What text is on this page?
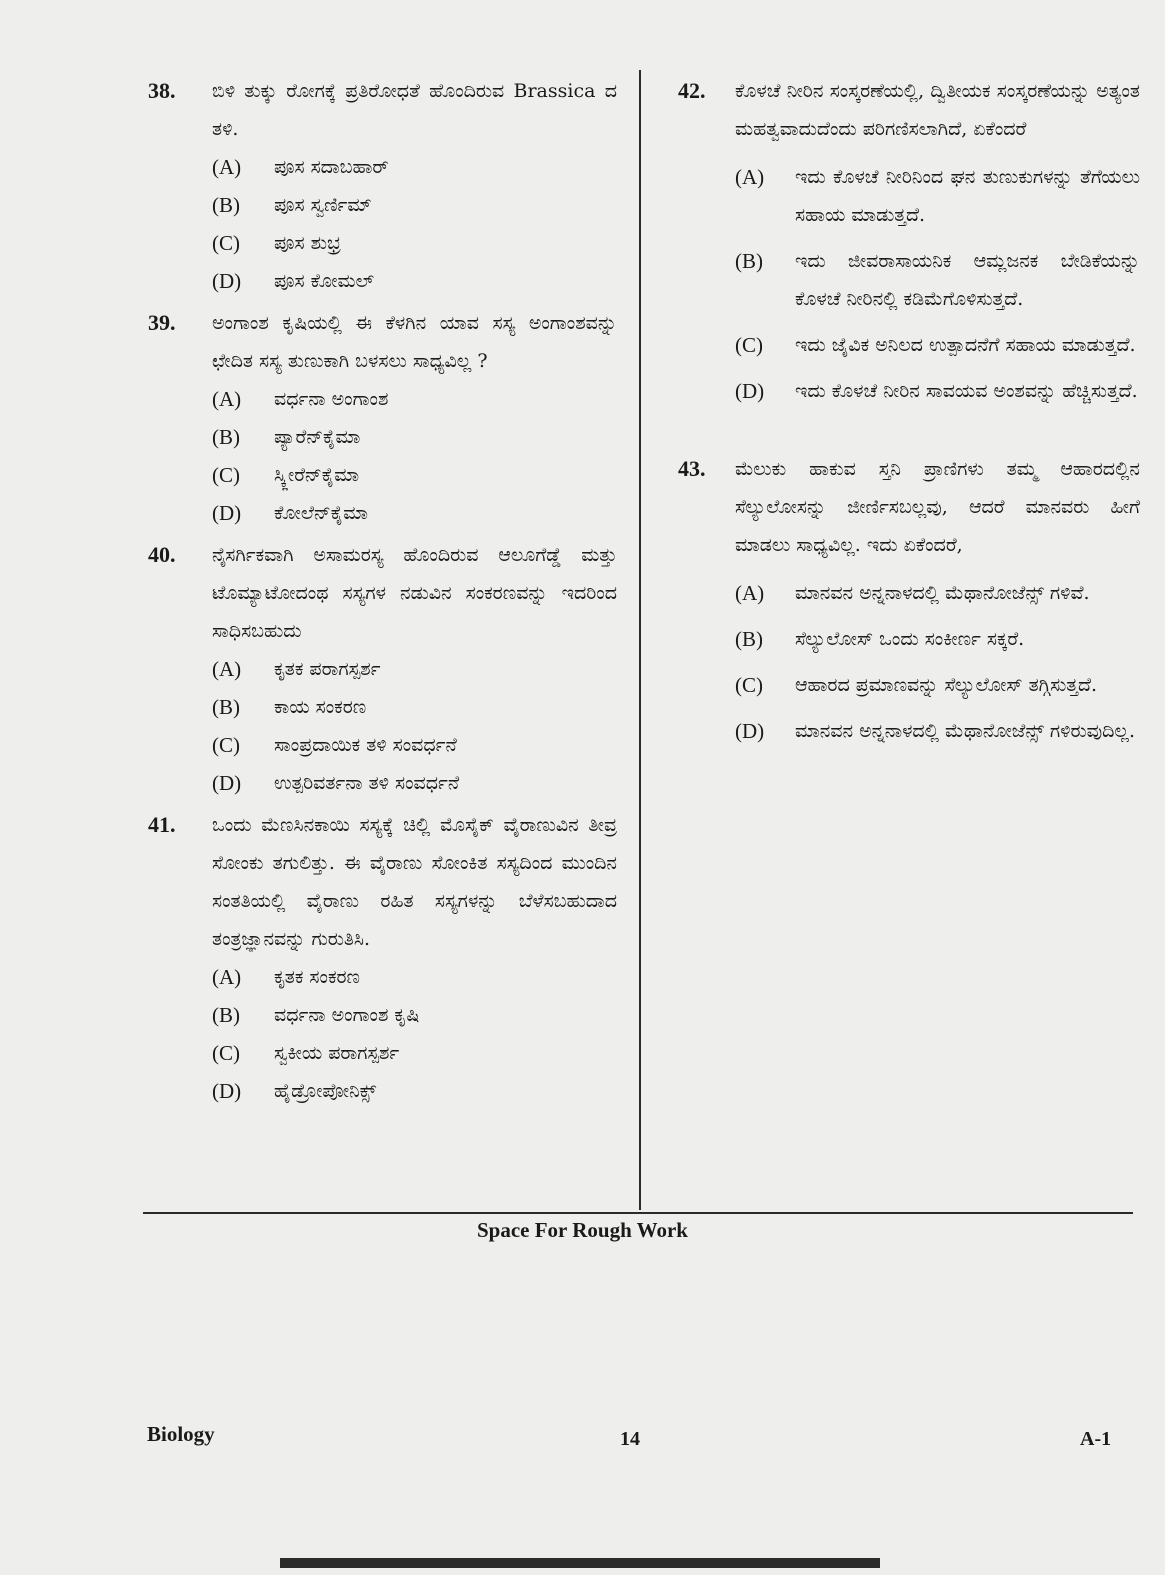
38. ಬಿಳಿ ತುಕ್ಕು ರೋಗಕ್ಕೆ ಪ್ರತಿರೋಧತೆ ಹೊಂದಿರುವ Brassica ದ ತಳಿ.
(A) ಪೂಸ ಸದಾಬಹಾರ್
(B) ಪೂಸ ಸ್ವರ್ಣಿಮ್
(C) ಪೂಸ ಶುಭ್ರ
(D) ಪೂಸ ಕೋಮಲ್
39. ಅಂಗಾಂಶ ಕೃಷಿಯಲ್ಲಿ ಈ ಕೆಳಗಿನ ಯಾವ ಸಸ್ಯ ಅಂಗಾಂಶವನ್ನು ಛೇದಿತ ಸಸ್ಯ ತುಣುಕಾಗಿ ಬಳಸಲು ಸಾಧ್ಯವಿಲ್ಲ ?
(A) ವರ್ಧನಾ ಅಂಗಾಂಶ
(B) ಪ್ಯಾರೆನ್‌ಕೈಮಾ
(C) ಸ್ಕ್ಲೀರೆನ್‌ಕೈಮಾ
(D) ಕೋಲೆನ್‌ಕೈಮಾ
40. ನೈಸರ್ಗಿಕವಾಗಿ ಅಸಾಮರಸ್ಯ ಹೊಂದಿರುವ ಆಲೂಗೆಡ್ಡೆ ಮತ್ತು ಟೊಮ್ಯಾಟೋದಂಥ ಸಸ್ಯಗಳ ನಡುವಿನ ಸಂಕರಣವನ್ನು ಇದರಿಂದ ಸಾಧಿಸಬಹುದು
(A) ಕೃತಕ ಪರಾಗಸ್ಪರ್ಶ
(B) ಕಾಯ ಸಂಕರಣ
(C) ಸಾಂಪ್ರದಾಯಿಕ ತಳಿ ಸಂವರ್ಧನೆ
(D) ಉತ್ಪರಿವರ್ತನಾ ತಳಿ ಸಂವರ್ಧನೆ
41. ಒಂದು ಮೆಣಸಿನಕಾಯಿ ಸಸ್ಯಕ್ಕೆ ಚಿಲ್ಲಿ ಮೊಸೈಕ್ ವೈರಾಣುವಿನ ತೀವ್ರ ಸೋಂಕು ತಗುಲಿತ್ತು. ಈ ವೈರಾಣು ಸೋಂಕಿತ ಸಸ್ಯದಿಂದ ಮುಂದಿನ ಸಂತತಿಯಲ್ಲಿ ವೈರಾಣು ರಹಿತ ಸಸ್ಯಗಳನ್ನು ಬೆಳೆಸಬಹುದಾದ ತಂತ್ರಜ್ಞಾನವನ್ನು ಗುರುತಿಸಿ.
(A) ಕೃತಕ ಸಂಕರಣ
(B) ವರ್ಧನಾ ಅಂಗಾಂಶ ಕೃಷಿ
(C) ಸ್ವಕೀಯ ಪರಾಗಸ್ಪರ್ಶ
(D) ಹೈಡ್ರೋಪೋನಿಕ್ಸ್
42. ಕೊಳಚೆ ನೀರಿನ ಸಂಸ್ಕರಣೆಯಲ್ಲಿ, ದ್ವಿತೀಯಕ ಸಂಸ್ಕರಣೆಯನ್ನು ಅತ್ಯಂತ ಮಹತ್ವವಾದುದೆಂದು ಪರಿಗಣಿಸಲಾಗಿದೆ, ಏಕೆಂದರೆ
(A) ಇದು ಕೊಳಚೆ ನೀರಿನಿಂದ ಘನ ತುಣುಕುಗಳನ್ನು ತೆಗೆಯಲು ಸಹಾಯ ಮಾಡುತ್ತದೆ.
(B) ಇದು ಜೀವರಾಸಾಯನಿಕ ಆಮ್ಲಜನಕ ಬೇಡಿಕೆಯನ್ನು ಕೊಳಚೆ ನೀರಿನಲ್ಲಿ ಕಡಿಮೆಗೊಳಿಸುತ್ತದೆ.
(C) ಇದು ಜೈವಿಕ ಅನಿಲದ ಉತ್ಪಾದನೆಗೆ ಸಹಾಯ ಮಾಡುತ್ತದೆ.
(D) ಇದು ಕೊಳಚೆ ನೀರಿನ ಸಾವಯವ ಅಂಶವನ್ನು ಹೆಚ್ಚಿಸುತ್ತದೆ.
43. ಮೆಲುಕು ಹಾಕುವ ಸ್ತನಿ ಪ್ರಾಣಿಗಳು ತಮ್ಮ ಆಹಾರದಲ್ಲಿನ ಸೆಲ್ಯುಲೋಸನ್ನು ಜೀರ್ಣಿಸಬಲ್ಲವು, ಆದರೆ ಮಾನವರು ಹೀಗೆ ಮಾಡಲು ಸಾಧ್ಯವಿಲ್ಲ. ಇದು ಏಕೆಂದರೆ,
(A) ಮಾನವನ ಅನ್ನನಾಳದಲ್ಲಿ ಮೆಥಾನೋಜೆನ್ಸ್ ಗಳಿವೆ.
(B) ಸೆಲ್ಯುಲೋಸ್ ಒಂದು ಸಂಕೀರ್ಣ ಸಕ್ಕರೆ.
(C) ಆಹಾರದ ಪ್ರಮಾಣವನ್ನು ಸೆಲ್ಯುಲೋಸ್ ತಗ್ಗಿಸುತ್ತದೆ.
(D) ಮಾನವನ ಅನ್ನನಾಳದಲ್ಲಿ ಮೆಥಾನೋಜೆನ್ಸ್ ಗಳಿರುವುದಿಲ್ಲ.
Space For Rough Work
Biology	14	A-1
